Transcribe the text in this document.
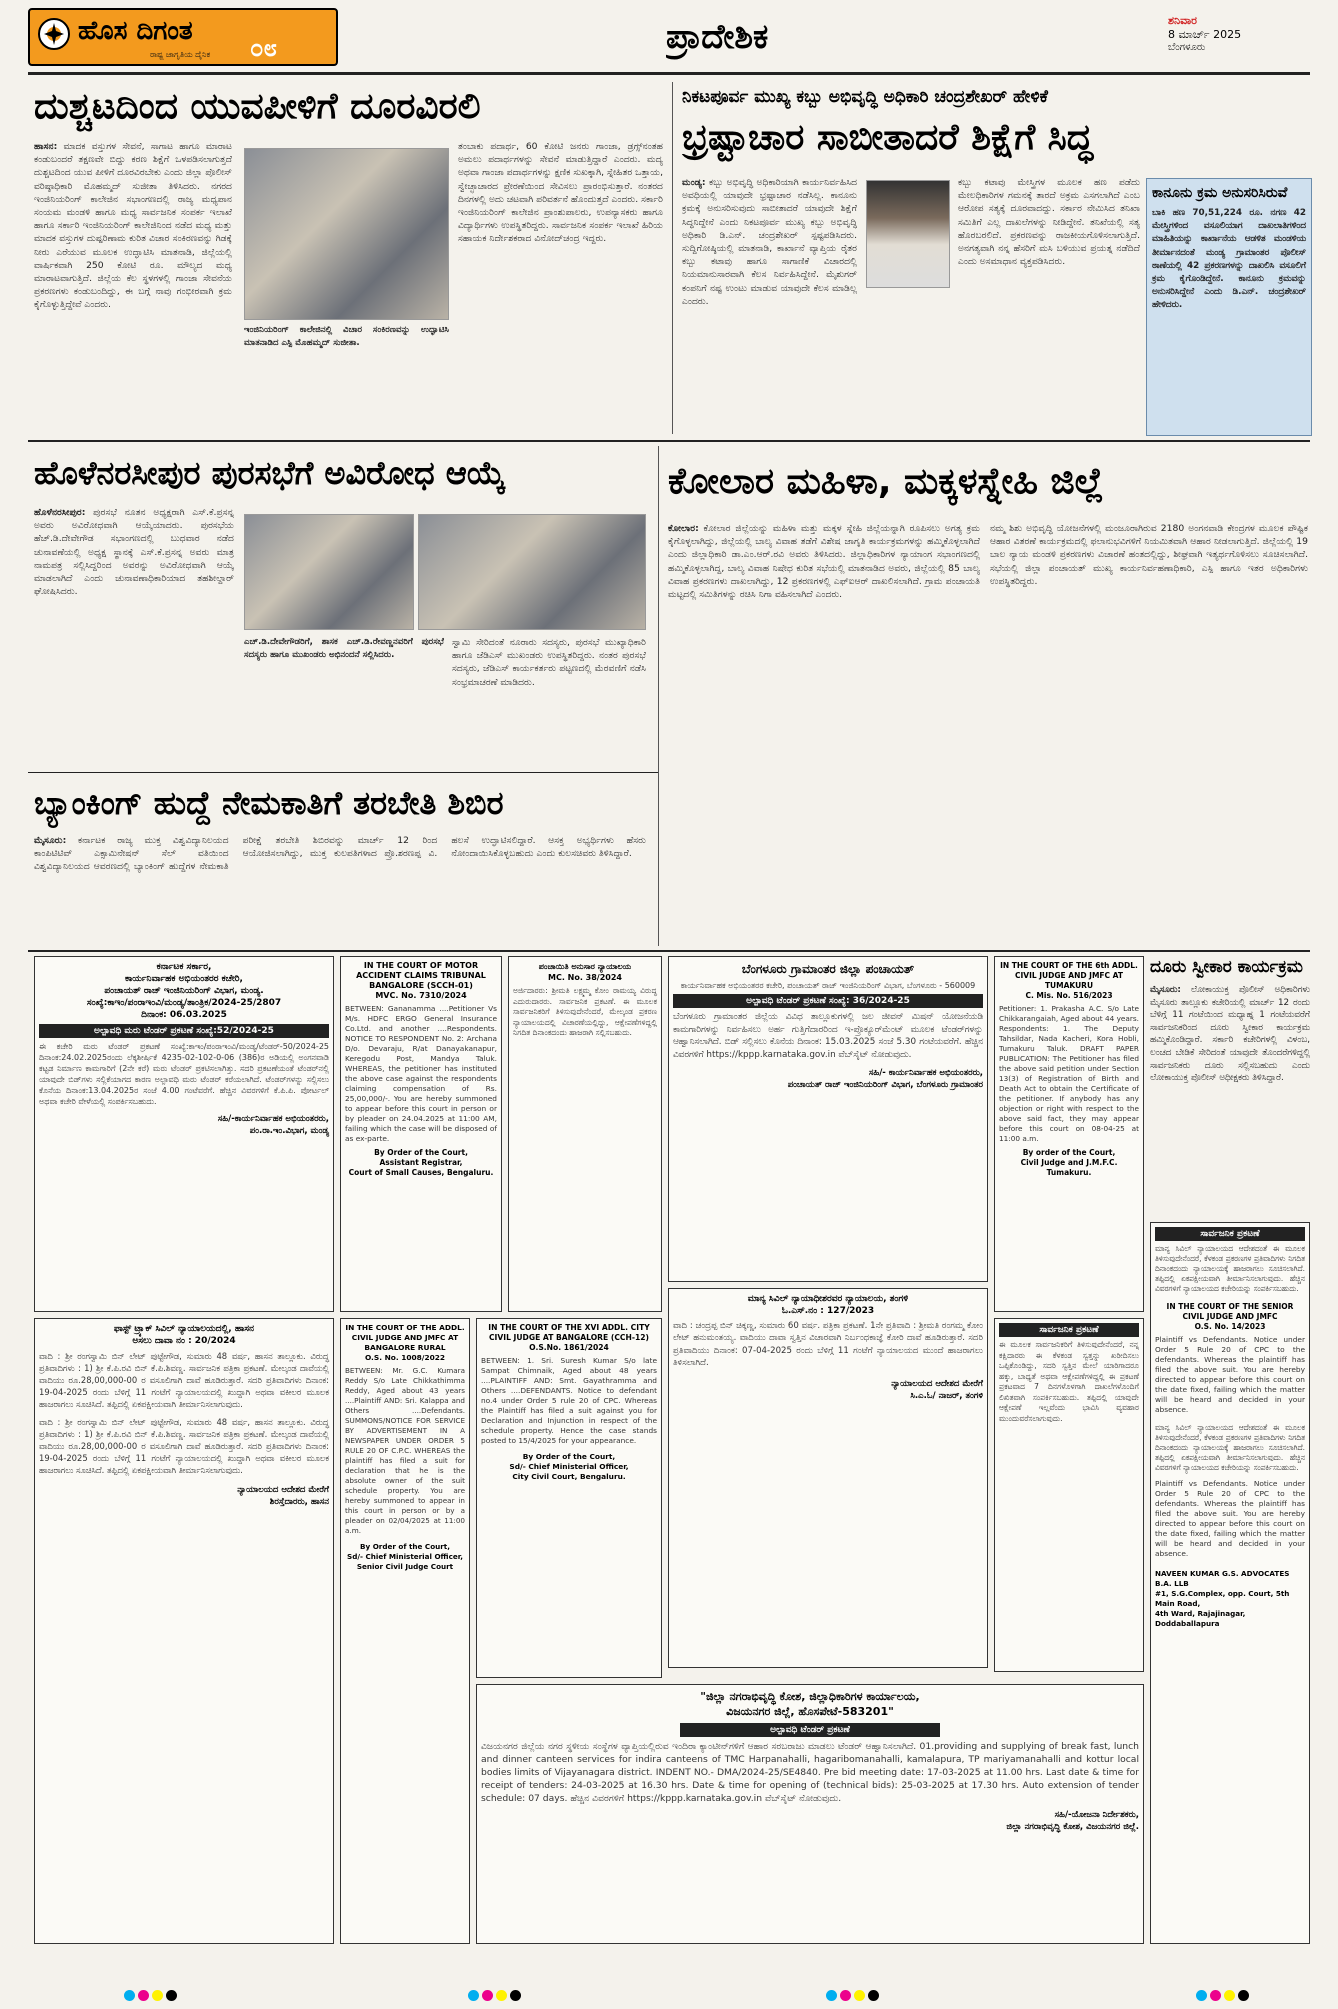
ಹೊಸ ದಿಗಂತ
ರಾಷ್ಟ್ರ ಜಾಗೃತಿಯ ದೈನಿಕ ೦೮	ಪ್ರಾದೇಶಿಕ	ಶನಿವಾರ
8 ಮಾರ್ಚ್ 2025
ಬೆಂಗಳೂರು
ದುಶ್ಚಟದಿಂದ ಯುವಪೀಳಿಗೆ ದೂರವಿರಲಿ
ಹಾಸನ: ಮಾದಕ ವಸ್ತುಗಳ ಸೇವನೆ, ಸಾಗಾಟ ಹಾಗೂ ಮಾರಾಟ ಕಂಡುಬಂದರೆ ತಕ್ಷಣವೇ ಬಿದ್ದು ಕರಣ ಶಿಕ್ಷೆಗೆ ಒಳಪಡಿಸಲಾಗುತ್ತದೆ ದುಶ್ಚಟದಿಂದ ಯುವ ಪೀಳಿಗೆ ದೂರವಿರಬೇಕು ಎಂದು ಜಿಲ್ಲಾ ಪೊಲೀಸ್ ವರಿಷ್ಠಾಧಿಕಾರಿ ಮೊಹಮ್ಮದ್ ಸುಜೀತಾ ತಿಳಿಸಿದರು. ನಗರದ ಇಂಜಿನಿಯರಿಂಗ್ ಕಾಲೇಜಿನ ಸಭಾಂಗಣದಲ್ಲಿ ರಾಜ್ಯ ಮಧ್ಯಪಾನ ಸಂಯಮ ಮಂಡಳಿ ಹಾಗೂ ಮಧ್ಯ ಸಾರ್ವಜನಿಕ ಸಂಪರ್ಕ ಇಲಾಖೆ ಹಾಗೂ ಸರ್ಕಾರಿ ಇಂಜಿನಿಯರಿಂಗ್ ಕಾಲೇಜಿನಿಂದ ನಡೆದ ಮಧ್ಯ ಮತ್ತು ಮಾದಕ ವಸ್ತುಗಳ ದುಷ್ಪರಿಣಾಮ ಕುರಿತ ವಿಚಾರ ಸಂಕಿರಣವನ್ನು ಗಿಡಕ್ಕೆ ನೀರು ಎರೆಯುವ ಮೂಲಕ ಉದ್ಘಾಟಿಸಿ ಮಾತನಾಡಿ, ಜಿಲ್ಲೆಯಲ್ಲಿ ವಾರ್ಷಿಕವಾಗಿ 250 ಕೋಟಿ ರೂ. ಮೌಲ್ಯದ ಮಧ್ಯ ಮಾರಾಟವಾಗುತ್ತಿದೆ. ಜಿಲ್ಲೆಯ ಕೆಲ ಸ್ಥಳಗಳಲ್ಲಿ ಗಾಂಜಾ ಸೇವನೆಯ ಪ್ರಕರಣಗಳು ಕಂಡುಬಂದಿದ್ದು, ಈ ಬಗ್ಗೆ ನಾವು ಗಂಭೀರವಾಗಿ ಕ್ರಮ ಕೈಗೊಳ್ಳುತ್ತಿದ್ದೇವೆ ಎಂದರು.
ಇಂಜಿನಿಯರಿಂಗ್ ಕಾಲೇಜಿನಲ್ಲಿ ವಿಚಾರ ಸಂಕಿರಣವನ್ನು ಉದ್ಘಾಟಿಸಿ ಮಾತನಾಡಿದ ಎಸ್ಪಿ ಮೊಹಮ್ಮದ್ ಸುಜೀತಾ.
ತಂಬಾಕು ಪದಾರ್ಥ, 60 ಕೋಟಿ ಜನರು ಗಾಂಜಾ, ಡ್ರಗ್ಸ್‌ನಂತಹ ಅಮಲು ಪದಾರ್ಥಗಳನ್ನು ಸೇವನೆ ಮಾಡುತ್ತಿದ್ದಾರೆ ಎಂದರು. ಮದ್ಯ ಅಥವಾ ಗಾಂಜಾ ಪದಾರ್ಥಗಳನ್ನು ಕ್ಷಣಿಕ ಸುಖಕ್ಕಾಗಿ, ಸ್ನೇಹಿತರ ಒತ್ತಾಯ, ಸ್ವೇಚ್ಛಾಚಾರದ ಪ್ರೇರಣೆಯಿಂದ ಸೇವಿಸಲು ಪ್ರಾರಂಭಿಸುತ್ತಾರೆ. ನಂತರದ ದಿನಗಳಲ್ಲಿ ಅದು ಚಟವಾಗಿ ಪರಿವರ್ತನೆ ಹೊಂದುತ್ತದೆ ಎಂದರು. ಸರ್ಕಾರಿ ಇಂಜಿನಿಯರಿಂಗ್ ಕಾಲೇಜಿನ ಪ್ರಾಂಶುಪಾಲರು, ಉಪನ್ಯಾಸಕರು ಹಾಗೂ ವಿದ್ಯಾರ್ಥಿಗಳು ಉಪಸ್ಥಿತರಿದ್ದರು. ಸಾರ್ವಜನಿಕ ಸಂಪರ್ಕ ಇಲಾಖೆ ಹಿರಿಯ ಸಹಾಯಕ ನಿರ್ದೇಶಕರಾದ ವಿನೋದ್‌ಚಂದ್ರ ಇದ್ದರು.
ನಿಕಟಪೂರ್ವ ಮುಖ್ಯ ಕಬ್ಬು ಅಭಿವೃದ್ಧಿ ಅಧಿಕಾರಿ ಚಂದ್ರಶೇಖರ್ ಹೇಳಿಕೆ
ಭ್ರಷ್ಟಾಚಾರ ಸಾಬೀತಾದರೆ ಶಿಕ್ಷೆಗೆ ಸಿದ್ಧ
ಮಂಡ್ಯ: ಕಬ್ಬು ಅಭಿವೃದ್ಧಿ ಅಧಿಕಾರಿಯಾಗಿ ಕಾರ್ಯನಿರ್ವಹಿಸಿದ ಅವಧಿಯಲ್ಲಿ ಯಾವುದೇ ಭ್ರಷ್ಟಾಚಾರ ನಡೆಸಿಲ್ಲ. ಕಾನೂನು ಕ್ರಮಕ್ಕೆ ಅನುಸರಿಸುವುದು ಸಾಬೀತಾದರೆ ಯಾವುದೇ ಶಿಕ್ಷೆಗೆ ಸಿದ್ಧನಿದ್ದೇನೆ ಎಂದು ನಿಕಟಪೂರ್ವ ಮುಖ್ಯ ಕಬ್ಬು ಅಭಿವೃದ್ಧಿ ಅಧಿಕಾರಿ ಡಿ.ಎನ್. ಚಂದ್ರಶೇಖರ್ ಸ್ಪಷ್ಟಪಡಿಸಿದರು. ಸುದ್ದಿಗೋಷ್ಠಿಯಲ್ಲಿ ಮಾತನಾಡಿ, ಕಾರ್ಖಾನೆ ವ್ಯಾಪ್ತಿಯ ರೈತರ ಕಬ್ಬು ಕಟಾವು ಹಾಗೂ ಸಾಗಾಣಿಕೆ ವಿಚಾರದಲ್ಲಿ ನಿಯಮಾನುಸಾರವಾಗಿ ಕೆಲಸ ನಿರ್ವಹಿಸಿದ್ದೇನೆ. ಮೈಶುಗರ್ ಕಂಪನಿಗೆ ನಷ್ಟ ಉಂಟು ಮಾಡುವ ಯಾವುದೇ ಕೆಲಸ ಮಾಡಿಲ್ಲ ಎಂದರು.
ಕಬ್ಬು ಕಟಾವು ಮೇಸ್ತ್ರಿಗಳ ಮೂಲಕ ಹಣ ಪಡೆದು ಮೇಲಧಿಕಾರಿಗಳ ಗಮನಕ್ಕೆ ತಾರದೆ ಅಕ್ರಮ ಎಸಗಲಾಗಿದೆ ಎಂಬ ಆರೋಪ ಸತ್ಯಕ್ಕೆ ದೂರವಾದದ್ದು. ಸರ್ಕಾರ ನೇಮಿಸಿದ ತನಿಖಾ ಸಮಿತಿಗೆ ಎಲ್ಲ ದಾಖಲೆಗಳನ್ನು ನೀಡಿದ್ದೇನೆ. ತನಿಖೆಯಲ್ಲಿ ಸತ್ಯ ಹೊರಬರಲಿದೆ. ಪ್ರಕರಣವನ್ನು ರಾಜಕೀಯಗೊಳಿಸಲಾಗುತ್ತಿದೆ. ಅನಗತ್ಯವಾಗಿ ನನ್ನ ಹೆಸರಿಗೆ ಮಸಿ ಬಳಿಯುವ ಪ್ರಯತ್ನ ನಡೆದಿದೆ ಎಂದು ಅಸಮಾಧಾನ ವ್ಯಕ್ತಪಡಿಸಿದರು.
ಕಾನೂನು ಕ್ರಮ ಅನುಸರಿಸಿರುವೆ
ಬಾಕಿ ಹಣ 70,51,224 ರೂ. ನಗಣ 42 ಮೇಸ್ತ್ರಿಗಳಿಂದ ವಸೂಲಿಯಾಗ ದಾಖಲಾತಿಗಳಿಂದ ಮಾಹಿತಿಯನ್ನು ಕಾರ್ಖಾನೆಯ ಆಡಳಿತ ಮಂಡಳಿಯ ತೀರ್ಮಾನದಂತೆ ಮಂಡ್ಯ ಗ್ರಾಮಾಂತರ ಪೊಲೀಸ್ ಠಾಣೆಯಲ್ಲಿ 42 ಪ್ರಕರಣಗಳನ್ನು ದಾಖಲಿಸಿ ವಸೂಲಿಗೆ ಕ್ರಮ ಕೈಗೊಂಡಿದ್ದೇನೆ. ಕಾನೂನು ಕ್ರಮವನ್ನು ಅನುಸರಿಸಿದ್ದೇನೆ ಎಂದು ಡಿ.ಎನ್. ಚಂದ್ರಶೇಖರ್ ಹೇಳಿದರು.
ಹೊಳೆನರಸೀಪುರ ಪುರಸಭೆಗೆ ಅವಿರೋಧ ಆಯ್ಕೆ
ಹೊಳೆನರಸೀಪುರ: ಪುರಸಭೆ ನೂತನ ಅಧ್ಯಕ್ಷರಾಗಿ ಎಸ್.ಕೆ.ಪ್ರಸನ್ನ ಅವರು ಅವಿರೋಧವಾಗಿ ಆಯ್ಕೆಯಾದರು. ಪುರಸಭೆಯ ಹೆಚ್.ಡಿ.ದೇವೇಗೌಡ ಸಭಾಂಗಣದಲ್ಲಿ ಬುಧವಾರ ನಡೆದ ಚುನಾವಣೆಯಲ್ಲಿ ಅಧ್ಯಕ್ಷ ಸ್ಥಾನಕ್ಕೆ ಎಸ್.ಕೆ.ಪ್ರಸನ್ನ ಅವರು ಮಾತ್ರ ನಾಮಪತ್ರ ಸಲ್ಲಿಸಿದ್ದರಿಂದ ಅವರನ್ನು ಅವಿರೋಧವಾಗಿ ಆಯ್ಕೆ ಮಾಡಲಾಗಿದೆ ಎಂದು ಚುನಾವಣಾಧಿಕಾರಿಯಾದ ತಹಶೀಲ್ದಾರ್ ಘೋಷಿಸಿದರು.
ಎಚ್.ಡಿ.ದೇವೇಗೌಡರಿಗೆ, ಶಾಸಕ ಎಚ್.ಡಿ.ರೇವಣ್ಣನವರಿಗೆ ಪುರಸಭೆ ಸದಸ್ಯರು ಹಾಗೂ ಮುಖಂಡರು ಅಭಿನಂದನೆ ಸಲ್ಲಿಸಿದರು.
ಸ್ವಾಮಿ ಸೇರಿದಂತೆ ನೂರಾರು ಸದಸ್ಯರು, ಪುರಸಭೆ ಮುಖ್ಯಾಧಿಕಾರಿ ಹಾಗೂ ಜೆಡಿಎಸ್ ಮುಖಂಡರು ಉಪಸ್ಥಿತರಿದ್ದರು. ನಂತರ ಪುರಸಭೆ ಸದಸ್ಯರು, ಜೆಡಿಎಸ್ ಕಾರ್ಯಕರ್ತರು ಪಟ್ಟಣದಲ್ಲಿ ಮೆರವಣಿಗೆ ನಡೆಸಿ ಸಂಭ್ರಮಾಚರಣೆ ಮಾಡಿದರು.
ಬ್ಯಾಂಕಿಂಗ್ ಹುದ್ದೆ ನೇಮಕಾತಿಗೆ ತರಬೇತಿ ಶಿಬಿರ
ಮೈಸೂರು: ಕರ್ನಾಟಕ ರಾಜ್ಯ ಮುಕ್ತ ವಿಶ್ವವಿದ್ಯಾನಿಲಯದ ಕಾಂಪಿಟಿಟಿವ್ ಎಕ್ಸಾಮಿನೇಷನ್ ಸೆಲ್ ವತಿಯಿಂದ ವಿಶ್ವವಿದ್ಯಾನಿಲಯದ ಆವರಣದಲ್ಲಿ ಬ್ಯಾಂಕಿಂಗ್ ಹುದ್ದೆಗಳ ನೇಮಕಾತಿ ಪರೀಕ್ಷೆ ತರಬೇತಿ ಶಿಬಿರವನ್ನು ಮಾರ್ಚ್ 12 ರಿಂದ ಆಯೋಜಿಸಲಾಗಿದ್ದು, ಮುಕ್ತ ಕುಲಪತಿಗಳಾದ ಪ್ರೊ.ಶರಣಪ್ಪ ವಿ. ಹಲಸೆ ಉದ್ಘಾಟಿಸಲಿದ್ದಾರೆ. ಆಸಕ್ತ ಅಭ್ಯರ್ಥಿಗಳು ಹೆಸರು ನೋಂದಾಯಿಸಿಕೊಳ್ಳಬಹುದು ಎಂದು ಕುಲಸಚಿವರು ತಿಳಿಸಿದ್ದಾರೆ.
ಕೋಲಾರ ಮಹಿಳಾ, ಮಕ್ಕಳಸ್ನೇಹಿ ಜಿಲ್ಲೆ
ಕೋಲಾರ: ಕೋಲಾರ ಜಿಲ್ಲೆಯನ್ನು ಮಹಿಳಾ ಮತ್ತು ಮಕ್ಕಳ ಸ್ನೇಹಿ ಜಿಲ್ಲೆಯನ್ನಾಗಿ ರೂಪಿಸಲು ಅಗತ್ಯ ಕ್ರಮ ಕೈಗೊಳ್ಳಲಾಗಿದ್ದು, ಜಿಲ್ಲೆಯಲ್ಲಿ ಬಾಲ್ಯ ವಿವಾಹ ತಡೆಗೆ ವಿಶೇಷ ಜಾಗೃತಿ ಕಾರ್ಯಕ್ರಮಗಳನ್ನು ಹಮ್ಮಿಕೊಳ್ಳಲಾಗಿದೆ ಎಂದು ಜಿಲ್ಲಾಧಿಕಾರಿ ಡಾ.ಎಂ.ಆರ್.ರವಿ ಅವರು ತಿಳಿಸಿದರು. ಜಿಲ್ಲಾಧಿಕಾರಿಗಳ ನ್ಯಾಯಾಂಗ ಸಭಾಂಗಣದಲ್ಲಿ ಹಮ್ಮಿಕೊಳ್ಳಲಾಗಿದ್ದ, ಬಾಲ್ಯ ವಿವಾಹ ನಿಷೇಧ ಕುರಿತ ಸಭೆಯಲ್ಲಿ ಮಾತನಾಡಿದ ಅವರು, ಜಿಲ್ಲೆಯಲ್ಲಿ 85 ಬಾಲ್ಯ ವಿವಾಹ ಪ್ರಕರಣಗಳು ದಾಖಲಾಗಿದ್ದು, 12 ಪ್ರಕರಣಗಳಲ್ಲಿ ಎಫ್ಐಆರ್ ದಾಖಲಿಸಲಾಗಿದೆ. ಗ್ರಾಮ ಪಂಚಾಯತಿ ಮಟ್ಟದಲ್ಲಿ ಸಮಿತಿಗಳನ್ನು ರಚಿಸಿ ನಿಗಾ ವಹಿಸಲಾಗಿದೆ ಎಂದರು.
ನಮ್ಮ ಶಿಶು ಅಭಿವೃದ್ಧಿ ಯೋಜನೆಗಳಲ್ಲಿ ಮಂಜೂರಾಗಿರುವ 2180 ಅಂಗನವಾಡಿ ಕೇಂದ್ರಗಳ ಮೂಲಕ ಪೌಷ್ಟಿಕ ಆಹಾರ ವಿತರಣೆ ಕಾರ್ಯಕ್ರಮದಲ್ಲಿ ಫಲಾನುಭವಿಗಳಿಗೆ ನಿಯಮಿತವಾಗಿ ಆಹಾರ ನೀಡಲಾಗುತ್ತಿದೆ. ಜಿಲ್ಲೆಯಲ್ಲಿ 19 ಬಾಲ ನ್ಯಾಯ ಮಂಡಳಿ ಪ್ರಕರಣಗಳು ವಿಚಾರಣೆ ಹಂತದಲ್ಲಿದ್ದು, ಶೀಘ್ರವಾಗಿ ಇತ್ಯರ್ಥಗೊಳಿಸಲು ಸೂಚಿಸಲಾಗಿದೆ. ಸಭೆಯಲ್ಲಿ ಜಿಲ್ಲಾ ಪಂಚಾಯತ್ ಮುಖ್ಯ ಕಾರ್ಯನಿರ್ವಹಣಾಧಿಕಾರಿ, ಎಸ್ಪಿ ಹಾಗೂ ಇತರ ಅಧಿಕಾರಿಗಳು ಉಪಸ್ಥಿತರಿದ್ದರು.
ಕರ್ನಾಟಕ ಸರ್ಕಾರ,
ಕಾರ್ಯನಿರ್ವಾಹಕ ಅಭಿಯಂತರರ ಕಚೇರಿ,
ಪಂಚಾಯತ್ ರಾಜ್ ಇಂಜಿನಿಯರಿಂಗ್ ವಿಭಾಗ, ಮಂಡ್ಯ.
ಸಂಖ್ಯೆ:ಕಾಇಂ/ಪಂರಾಇಂವಿ/ಮಂಡ್ಯ/ತಾಂತ್ರಿಕ/2024-25/2807
ದಿನಾಂಕ: 06.03.2025
ಅಲ್ಪಾವಧಿ ಮರು ಟೆಂಡರ್ ಪ್ರಕಟಣೆ ಸಂಖ್ಯೆ:52/2024-25
ಈ ಕಚೇರಿ ಮರು ಟೆಂಡರ್ ಪ್ರಕಟಣೆ ಸಂಖ್ಯೆ:ಕಾಇಂ/ಪಂರಾಇಂವಿ/ಮಂಡ್ಯ/ಟೆಂಡರ್-50/2024-25 ದಿನಾಂಕ:24.02.2025ರಂದು ಲೆಕ್ಕಶೀರ್ಷಿಕೆ 4235-02-102-0-06 (386)ರ ಅಡಿಯಲ್ಲಿ ಅಂಗನವಾಡಿ ಕಟ್ಟಡ ನಿರ್ಮಾಣ ಕಾಮಗಾರಿಗೆ (2ನೇ ಕರೆ) ಮರು ಟೆಂಡರ್ ಪ್ರಕಟಿಸಲಾಗಿತ್ತು. ಸದರಿ ಪ್ರಕಟಣೆಯಂತೆ ಟೆಂಡರ್‌ನಲ್ಲಿ ಯಾವುದೇ ಬಿಡ್‌ಗಳು ಸಲ್ಲಿಕೆಯಾಗದ ಕಾರಣ ಅಲ್ಪಾವಧಿ ಮರು ಟೆಂಡರ್ ಕರೆಯಲಾಗಿದೆ. ಟೆಂಡರ್‌ಗಳನ್ನು ಸಲ್ಲಿಸಲು ಕೊನೆಯ ದಿನಾಂಕ:13.04.2025ರ ಸಂಜೆ 4.00 ಗಂಟೆವರೆಗೆ. ಹೆಚ್ಚಿನ ವಿವರಗಳಿಗೆ ಕೆ.ಪಿ.ಪಿ. ಪೋರ್ಟಲ್ ಅಥವಾ ಕಚೇರಿ ವೇಳೆಯಲ್ಲಿ ಸಂಪರ್ಕಿಸಬಹುದು.
ಸಹಿ/-ಕಾರ್ಯನಿರ್ವಾಹಕ ಅಭಿಯಂತರರು,
ಪಂ.ರಾ.ಇಂ.ವಿಭಾಗ, ಮಂಡ್ಯ
IN THE COURT OF MOTOR ACCIDENT CLAIMS TRIBUNAL BANGALORE (SCCH-01)
MVC. No. 7310/2024
BETWEEN: Gananamma ....Petitioner Vs M/s. HDFC ERGO General Insurance Co.Ltd. and another ....Respondents. NOTICE TO RESPONDENT No. 2: Archana D/o. Devaraju, R/at Danayakanapur, Keregodu Post, Mandya Taluk. WHEREAS, the petitioner has instituted the above case against the respondents claiming compensation of Rs. 25,00,000/-. You are hereby summoned to appear before this court in person or by pleader on 24.04.2025 at 11:00 AM, failing which the case will be disposed of as ex-parte.
By Order of the Court,
Assistant Registrar,
Court of Small Causes, Bengaluru.
ಪಂಚಾಯಿತಿ ಅನುಸಾರ ನ್ಯಾಯಾಲಯ
MC. No. 38/2024
ಅರ್ಜಿದಾರರು: ಶ್ರೀಮತಿ ಲಕ್ಷ್ಮಮ್ಮ ಕೋಂ ರಾಮಯ್ಯ ವಿರುದ್ಧ ಎದುರುದಾರರು. ಸಾರ್ವಜನಿಕ ಪ್ರಕಟಣೆ. ಈ ಮೂಲಕ ಸಾರ್ವಜನಿಕರಿಗೆ ತಿಳಿಸುವುದೇನೆಂದರೆ, ಮೇಲ್ಕಂಡ ಪ್ರಕರಣ ನ್ಯಾಯಾಲಯದಲ್ಲಿ ವಿಚಾರಣೆಯಲ್ಲಿದ್ದು, ಆಕ್ಷೇಪಣೆಗಳಿದ್ದಲ್ಲಿ ನಿಗದಿತ ದಿನಾಂಕದಂದು ಹಾಜರಾಗಿ ಸಲ್ಲಿಸಬಹುದು.
ಬೆಂಗಳೂರು ಗ್ರಾಮಾಂತರ ಜಿಲ್ಲಾ ಪಂಚಾಯತ್
ಕಾರ್ಯನಿರ್ವಾಹಕ ಅಭಿಯಂತರರ ಕಚೇರಿ, ಪಂಚಾಯತ್ ರಾಜ್ ಇಂಜಿನಿಯರಿಂಗ್ ವಿಭಾಗ, ಬೆಂಗಳೂರು - 560009
ಅಲ್ಪಾವಧಿ ಟೆಂಡರ್ ಪ್ರಕಟಣೆ ಸಂಖ್ಯೆ: 36/2024-25
ಬೆಂಗಳೂರು ಗ್ರಾಮಾಂತರ ಜಿಲ್ಲೆಯ ವಿವಿಧ ತಾಲ್ಲೂಕುಗಳಲ್ಲಿ ಜಲ ಜೀವನ್ ಮಿಷನ್ ಯೋಜನೆಯಡಿ ಕಾಮಗಾರಿಗಳನ್ನು ನಿರ್ವಹಿಸಲು ಅರ್ಹ ಗುತ್ತಿಗೆದಾರರಿಂದ ಇ-ಪ್ರೊಕ್ಯೂರ್‌ಮೆಂಟ್ ಮೂಲಕ ಟೆಂಡರ್‌ಗಳನ್ನು ಆಹ್ವಾನಿಸಲಾಗಿದೆ. ಬಿಡ್ ಸಲ್ಲಿಸಲು ಕೊನೆಯ ದಿನಾಂಕ: 15.03.2025 ಸಂಜೆ 5.30 ಗಂಟೆಯವರೆಗೆ. ಹೆಚ್ಚಿನ ವಿವರಗಳಿಗೆ https://kppp.karnataka.gov.in ವೆಬ್‌ಸೈಟ್ ನೋಡುವುದು.
ಸಹಿ/- ಕಾರ್ಯನಿರ್ವಾಹಕ ಅಭಿಯಂತರರು,
ಪಂಚಾಯತ್ ರಾಜ್ ಇಂಜಿನಿಯರಿಂಗ್ ವಿಭಾಗ, ಬೆಂಗಳೂರು ಗ್ರಾಮಾಂತರ
IN THE COURT OF THE 6th ADDL. CIVIL JUDGE AND JMFC AT TUMAKURU
C. Mis. No. 516/2023
Petitioner: 1. Prakasha A.C. S/o Late Chikkarangaiah, Aged about 44 years. Respondents: 1. The Deputy Tahsildar, Nada Kacheri, Kora Hobli, Tumakuru Taluk. DRAFT PAPER PUBLICATION: The Petitioner has filed the above said petition under Section 13(3) of Registration of Birth and Death Act to obtain the Certificate of the petitioner. If anybody has any objection or right with respect to the above said fact, they may appear before this court on 08-04-25 at 11:00 a.m.
By order of the Court,
Civil Judge and J.M.F.C.
Tumakuru.
ದೂರು ಸ್ವೀಕಾರ ಕಾರ್ಯಕ್ರಮ
ಮೈಸೂರು: ಲೋಕಾಯುಕ್ತ ಪೊಲೀಸ್ ಅಧಿಕಾರಿಗಳು ಮೈಸೂರು ತಾಲ್ಲೂಕು ಕಚೇರಿಯಲ್ಲಿ ಮಾರ್ಚ್ 12 ರಂದು ಬೆಳಿಗ್ಗೆ 11 ಗಂಟೆಯಿಂದ ಮಧ್ಯಾಹ್ನ 1 ಗಂಟೆಯವರೆಗೆ ಸಾರ್ವಜನಿಕರಿಂದ ದೂರು ಸ್ವೀಕಾರ ಕಾರ್ಯಕ್ರಮ ಹಮ್ಮಿಕೊಂಡಿದ್ದಾರೆ. ಸರ್ಕಾರಿ ಕಚೇರಿಗಳಲ್ಲಿ ವಿಳಂಬ, ಲಂಚದ ಬೇಡಿಕೆ ಸೇರಿದಂತೆ ಯಾವುದೇ ತೊಂದರೆಗಳಿದ್ದಲ್ಲಿ ಸಾರ್ವಜನಿಕರು ದೂರು ಸಲ್ಲಿಸಬಹುದು ಎಂದು ಲೋಕಾಯುಕ್ತ ಪೊಲೀಸ್ ಅಧೀಕ್ಷಕರು ತಿಳಿಸಿದ್ದಾರೆ.
ಸಾರ್ವಜನಿಕ ಪ್ರಕಟಣೆ
ಮಾನ್ಯ ಸಿವಿಲ್ ನ್ಯಾಯಾಲಯದ ಆದೇಶದಂತೆ ಈ ಮೂಲಕ ತಿಳಿಸುವುದೇನೆಂದರೆ, ಕೆಳಕಂಡ ಪ್ರಕರಣಗಳ ಪ್ರತಿವಾದಿಗಳು ನಿಗದಿತ ದಿನಾಂಕದಂದು ನ್ಯಾಯಾಲಯಕ್ಕೆ ಹಾಜರಾಗಲು ಸೂಚಿಸಲಾಗಿದೆ. ತಪ್ಪಿದಲ್ಲಿ ಏಕಪಕ್ಷೀಯವಾಗಿ ತೀರ್ಮಾನಿಸಲಾಗುವುದು. ಹೆಚ್ಚಿನ ವಿವರಗಳಿಗೆ ನ್ಯಾಯಾಲಯದ ಕಚೇರಿಯನ್ನು ಸಂಪರ್ಕಿಸಬಹುದು.
IN THE COURT OF THE SENIOR CIVIL JUDGE AND JMFC
O.S. No. 14/2023
Plaintiff vs Defendants. Notice under Order 5 Rule 20 of CPC to the defendants. Whereas the plaintiff has filed the above suit. You are hereby directed to appear before this court on the date fixed, failing which the matter will be heard and decided in your absence.
ಮಾನ್ಯ ಸಿವಿಲ್ ನ್ಯಾಯಾಲಯದ ಆದೇಶದಂತೆ ಈ ಮೂಲಕ ತಿಳಿಸುವುದೇನೆಂದರೆ, ಕೆಳಕಂಡ ಪ್ರಕರಣಗಳ ಪ್ರತಿವಾದಿಗಳು ನಿಗದಿತ ದಿನಾಂಕದಂದು ನ್ಯಾಯಾಲಯಕ್ಕೆ ಹಾಜರಾಗಲು ಸೂಚಿಸಲಾಗಿದೆ. ತಪ್ಪಿದಲ್ಲಿ ಏಕಪಕ್ಷೀಯವಾಗಿ ತೀರ್ಮಾನಿಸಲಾಗುವುದು. ಹೆಚ್ಚಿನ ವಿವರಗಳಿಗೆ ನ್ಯಾಯಾಲಯದ ಕಚೇರಿಯನ್ನು ಸಂಪರ್ಕಿಸಬಹುದು.
Plaintiff vs Defendants. Notice under Order 5 Rule 20 of CPC to the defendants. Whereas the plaintiff has filed the above suit. You are hereby directed to appear before this court on the date fixed, failing which the matter will be heard and decided in your absence.
NAVEEN KUMAR G.S. ADVOCATES B.A. LLB
#1, S.G.Complex, opp. Court, 5th Main Road,
4th Ward, Rajajinagar, Doddaballapura
ಫಾಸ್ಟ್ ಟ್ರ್ಯಾಕ್ ಸಿವಿಲ್ ನ್ಯಾಯಾಲಯದಲ್ಲಿ, ಹಾಸನ
ಅಸಲು ದಾವಾ ನಂ : 20/2024
ವಾದಿ : ಶ್ರೀ ರಂಗಸ್ವಾಮಿ ಬಿನ್ ಲೇಟ್ ಪುಟ್ಟೇಗೌಡ, ಸುಮಾರು 48 ವರ್ಷ, ಹಾಸನ ತಾಲ್ಲೂಕು. ವಿರುದ್ಧ ಪ್ರತಿವಾದಿಗಳು : 1) ಶ್ರೀ ಕೆ.ಪಿ.ರವಿ ಬಿನ್ ಕೆ.ಪಿ.ಶಿವಣ್ಣ. ಸಾರ್ವಜನಿಕ ಪತ್ರಿಕಾ ಪ್ರಕಟಣೆ. ಮೇಲ್ಕಂಡ ದಾವೆಯಲ್ಲಿ ವಾದಿಯು ರೂ.28,00,000-00 ರ ವಸೂಲಿಗಾಗಿ ದಾವೆ ಹೂಡಿರುತ್ತಾರೆ. ಸದರಿ ಪ್ರತಿವಾದಿಗಳು ದಿನಾಂಕ: 19-04-2025 ರಂದು ಬೆಳಿಗ್ಗೆ 11 ಗಂಟೆಗೆ ನ್ಯಾಯಾಲಯದಲ್ಲಿ ಖುದ್ದಾಗಿ ಅಥವಾ ವಕೀಲರ ಮೂಲಕ ಹಾಜರಾಗಲು ಸೂಚಿಸಿದೆ. ತಪ್ಪಿದಲ್ಲಿ ಏಕಪಕ್ಷೀಯವಾಗಿ ತೀರ್ಮಾನಿಸಲಾಗುವುದು.
ವಾದಿ : ಶ್ರೀ ರಂಗಸ್ವಾಮಿ ಬಿನ್ ಲೇಟ್ ಪುಟ್ಟೇಗೌಡ, ಸುಮಾರು 48 ವರ್ಷ, ಹಾಸನ ತಾಲ್ಲೂಕು. ವಿರುದ್ಧ ಪ್ರತಿವಾದಿಗಳು : 1) ಶ್ರೀ ಕೆ.ಪಿ.ರವಿ ಬಿನ್ ಕೆ.ಪಿ.ಶಿವಣ್ಣ. ಸಾರ್ವಜನಿಕ ಪತ್ರಿಕಾ ಪ್ರಕಟಣೆ. ಮೇಲ್ಕಂಡ ದಾವೆಯಲ್ಲಿ ವಾದಿಯು ರೂ.28,00,000-00 ರ ವಸೂಲಿಗಾಗಿ ದಾವೆ ಹೂಡಿರುತ್ತಾರೆ. ಸದರಿ ಪ್ರತಿವಾದಿಗಳು ದಿನಾಂಕ: 19-04-2025 ರಂದು ಬೆಳಿಗ್ಗೆ 11 ಗಂಟೆಗೆ ನ್ಯಾಯಾಲಯದಲ್ಲಿ ಖುದ್ದಾಗಿ ಅಥವಾ ವಕೀಲರ ಮೂಲಕ ಹಾಜರಾಗಲು ಸೂಚಿಸಿದೆ. ತಪ್ಪಿದಲ್ಲಿ ಏಕಪಕ್ಷೀಯವಾಗಿ ತೀರ್ಮಾನಿಸಲಾಗುವುದು.
ನ್ಯಾಯಾಲಯದ ಆದೇಶದ ಮೇರೆಗೆ
ಶಿರಸ್ತೆದಾರರು, ಹಾಸನ
IN THE COURT OF THE ADDL. CIVIL JUDGE AND JMFC AT BANGALORE RURAL
O.S. No. 1008/2022
BETWEEN: Mr. G.C. Kumara Reddy S/o Late Chikkathimma Reddy, Aged about 43 years ....Plaintiff AND: Sri. Kalappa and Others ....Defendants. SUMMONS/NOTICE FOR SERVICE BY ADVERTISEMENT IN A NEWSPAPER UNDER ORDER 5 RULE 20 OF C.P.C. WHEREAS the plaintiff has filed a suit for declaration that he is the absolute owner of the suit schedule property. You are hereby summoned to appear in this court in person or by a pleader on 02/04/2025 at 11:00 a.m.
By Order of the Court,
Sd/- Chief Ministerial Officer,
Senior Civil Judge Court
IN THE COURT OF THE XVI ADDL. CITY CIVIL JUDGE AT BANGALORE (CCH-12)
O.S.No. 1861/2024
BETWEEN: 1. Sri. Suresh Kumar S/o late Sampat Chimnaik, Aged about 48 years ....PLAINTIFF AND: Smt. Gayathramma and Others ....DEFENDANTS. Notice to defendant no.4 under Order 5 rule 20 of CPC. Whereas the Plaintiff has filed a suit against you for Declaration and Injunction in respect of the schedule property. Hence the case stands posted to 15/4/2025 for your appearance.
By Order of the Court,
Sd/- Chief Ministerial Officer,
City Civil Court, Bengaluru.
ಮಾನ್ಯ ಸಿವಿಲ್ ನ್ಯಾಯಾಧೀಶರವರ ನ್ಯಾಯಾಲಯ, ತಂಗಳಿ
ಓ.ಎಸ್.ನಂ : 127/2023
ವಾದಿ : ಚಂದ್ರಪ್ಪ ಬಿನ್ ಚಿಕ್ಕಣ್ಣ, ಸುಮಾರು 60 ವರ್ಷ. ಪತ್ರಿಕಾ ಪ್ರಕಟಣೆ. 1ನೇ ಪ್ರತಿವಾದಿ : ಶ್ರೀಮತಿ ರಂಗಮ್ಮ ಕೋಂ ಲೇಟ್ ಹನುಮಂತಯ್ಯ. ವಾದಿಯು ದಾವಾ ಸ್ವತ್ತಿನ ವಿಚಾರವಾಗಿ ನಿರ್ಬಂಧಕಾಜ್ಞೆ ಕೋರಿ ದಾವೆ ಹೂಡಿರುತ್ತಾರೆ. ಸದರಿ ಪ್ರತಿವಾದಿಯು ದಿನಾಂಕ: 07-04-2025 ರಂದು ಬೆಳಿಗ್ಗೆ 11 ಗಂಟೆಗೆ ನ್ಯಾಯಾಲಯದ ಮುಂದೆ ಹಾಜರಾಗಲು ತಿಳಿಸಲಾಗಿದೆ.
ನ್ಯಾಯಾಲಯದ ಆದೇಶದ ಮೇರೆಗೆ
ಸಿ.ಎ.ಓ/ ನಾಜರ್, ತಂಗಳಿ
ಸಾರ್ವಜನಿಕ ಪ್ರಕಟಣೆ
ಈ ಮೂಲಕ ಸಾರ್ವಜನಿಕರಿಗೆ ತಿಳಿಸುವುದೇನೆಂದರೆ, ನನ್ನ ಕಕ್ಷಿದಾರರು ಈ ಕೆಳಕಂಡ ಸ್ವತ್ತನ್ನು ಖರೀದಿಸಲು ಒಪ್ಪಿಕೊಂಡಿದ್ದು, ಸದರಿ ಸ್ವತ್ತಿನ ಮೇಲೆ ಯಾರಿಗಾದರೂ ಹಕ್ಕು, ಬಾಧ್ಯತೆ ಅಥವಾ ಆಕ್ಷೇಪಣೆಗಳಿದ್ದಲ್ಲಿ ಈ ಪ್ರಕಟಣೆ ಪ್ರಕಟವಾದ 7 ದಿನಗಳೊಳಗಾಗಿ ದಾಖಲೆಗಳೊಂದಿಗೆ ಲಿಖಿತವಾಗಿ ಸಂಪರ್ಕಿಸಬಹುದು. ತಪ್ಪಿದಲ್ಲಿ ಯಾವುದೇ ಆಕ್ಷೇಪಣೆ ಇಲ್ಲವೆಂದು ಭಾವಿಸಿ ವ್ಯವಹಾರ ಮುಂದುವರೆಸಲಾಗುವುದು.
"ಜಿಲ್ಲಾ ನಗರಾಭಿವೃದ್ಧಿ ಕೋಶ, ಜಿಲ್ಲಾಧಿಕಾರಿಗಳ ಕಾರ್ಯಾಲಯ,
ವಿಜಯನಗರ ಜಿಲ್ಲೆ, ಹೊಸಪೇಟೆ-583201"
ಅಲ್ಪಾವಧಿ ಟೆಂಡರ್ ಪ್ರಕಟಣೆ
ವಿಜಯನಗರ ಜಿಲ್ಲೆಯ ನಗರ ಸ್ಥಳೀಯ ಸಂಸ್ಥೆಗಳ ವ್ಯಾಪ್ತಿಯಲ್ಲಿರುವ ಇಂದಿರಾ ಕ್ಯಾಂಟೀನ್‌ಗಳಿಗೆ ಆಹಾರ ಸರಬರಾಜು ಮಾಡಲು ಟೆಂಡರ್ ಆಹ್ವಾನಿಸಲಾಗಿದೆ. 01.providing and supplying of break fast, lunch and dinner canteen services for indira canteens of TMC Harpanahalli, hagaribomanahalli, kamalapura, TP mariyamanahalli and kottur local bodies limits of Vijayanagara district. INDENT NO.- DMA/2024-25/SE4840. Pre bid meeting date: 17-03-2025 at 11.00 hrs. Last date & time for receipt of tenders: 24-03-2025 at 16.30 hrs. Date & time for opening of (technical bids): 25-03-2025 at 17.30 hrs. Auto extension of tender schedule: 07 days. ಹೆಚ್ಚಿನ ವಿವರಗಳಿಗೆ https://kppp.karnataka.gov.in ವೆಬ್‌ಸೈಟ್ ನೋಡುವುದು.
ಸಹಿ/-ಯೋಜನಾ ನಿರ್ದೇಶಕರು,
ಜಿಲ್ಲಾ ನಗರಾಭಿವೃದ್ಧಿ ಕೋಶ, ವಿಜಯನಗರ ಜಿಲ್ಲೆ.
